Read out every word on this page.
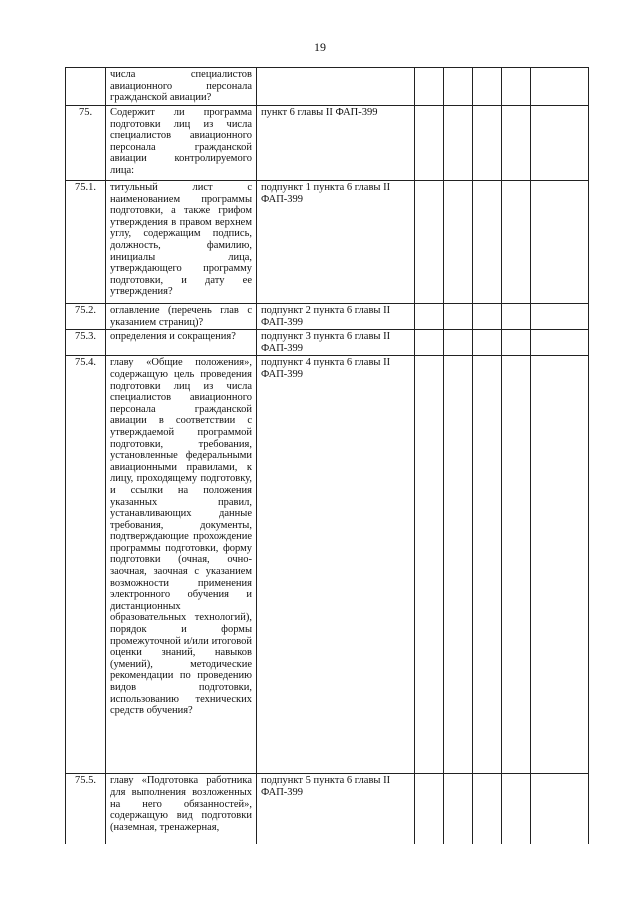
19
	числа специалистов авиационного персонала гражданской авиации?						
75.	Содержит ли программа подготовки лиц из числа специалистов авиационного персонала гражданской авиации контролируемого лица:	пункт 6 главы II ФАП-399					
75.1.	титульный лист с наименованием программы подготовки, а также грифом утверждения в правом верхнем углу, содержащим подпись, должность, фамилию, инициалы лица, утверждающего программу подготовки, и дату ее утверждения?	подпункт 1 пункта 6 главы II ФАП-399					
75.2.	оглавление (перечень глав с указанием страниц)?	подпункт 2 пункта 6 главы II ФАП-399					
75.3.	определения и сокращения?	подпункт 3 пункта 6 главы II ФАП-399					
75.4.	главу «Общие положения», содержащую цель проведения подготовки лиц из числа специалистов авиационного персонала гражданской авиации в соответствии с утверждаемой программой подготовки, требования, установленные федеральными авиационными правилами, к лицу, проходящему подготовку, и ссылки на положения указанных правил, устанавливающих данные требования, документы, подтверждающие прохождение программы подготовки, форму подготовки (очная, очно-заочная, заочная с указанием возможности применения электронного обучения и дистанционных образовательных технологий), порядок и формы промежуточной и/или итоговой оценки знаний, навыков (умений), методические рекомендации по проведению видов подготовки, использованию технических средств обучения?	подпункт 4 пункта 6 главы II ФАП-399					
75.5.	главу «Подготовка работника для выполнения возложенных на него обязанностей», содержащую вид подготовки (наземная, тренажерная,	подпункт 5 пункта 6 главы II ФАП-399					
